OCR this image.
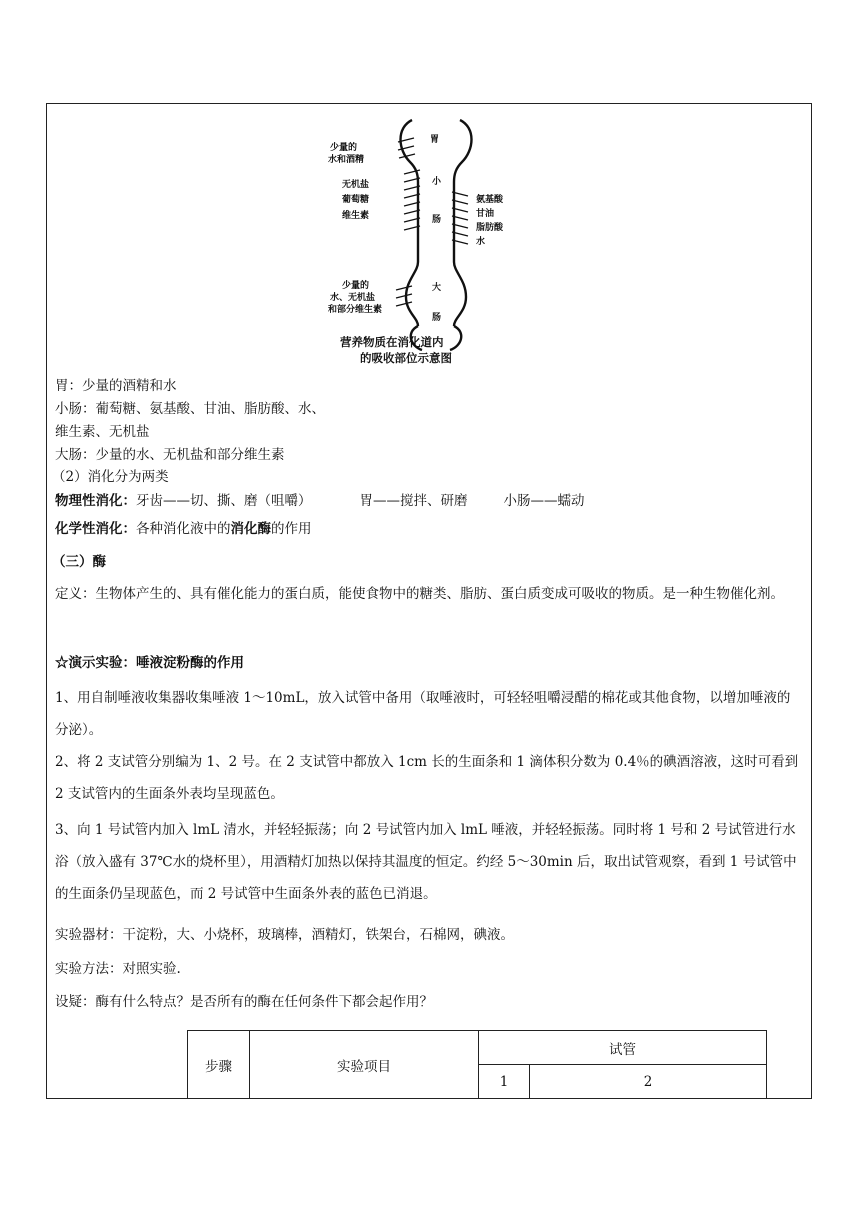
胃
少量的
水和酒精
无机盐
葡萄糖
维生素
小
肠
氨基酸
甘油
脂肪酸
水
大
肠
少量的
水、无机盐
和部分维生素
营养物质在消化道内
的吸收部位示意图
胃：少量的酒精和水
小肠：葡萄糖、氨基酸、甘油、脂肪酸、水、
维生素、无机盐
大肠：少量的水、无机盐和部分维生素
（2）消化分为两类
物理性消化：牙齿——切、撕、磨（咀嚼）	胃——搅拌、研磨	小肠——蠕动
化学性消化：各种消化液中的消化酶的作用
（三）酶
定义：生物体产生的、具有催化能力的蛋白质，能使食物中的糖类、脂肪、蛋白质变成可吸收的物质。是一种生物催化剂。
☆演示实验：唾液淀粉酶的作用
1、用自制唾液收集器收集唾液 1～10mL，放入试管中备用（取唾液时，可轻轻咀嚼浸醋的棉花或其他食物，以增加唾液的分泌）。
2、将 2 支试管分别编为 1、2 号。在 2 支试管中都放入 1cm 长的生面条和 1 滴体积分数为 0.4％的碘酒溶液，这时可看到 2 支试管内的生面条外表均呈现蓝色。
3、向 1 号试管内加入 lmL 清水，并轻轻振荡；向 2 号试管内加入 lmL 唾液，并轻轻振荡。同时将 1 号和 2 号试管进行水浴（放入盛有 37℃水的烧杯里），用酒精灯加热以保持其温度的恒定。约经 5～30min 后，取出试管观察，看到 1 号试管中的生面条仍呈现蓝色，而 2 号试管中生面条外表的蓝色已消退。
实验器材：干淀粉，大、小烧杯，玻璃棒，酒精灯，铁架台，石棉网，碘液。
实验方法：对照实验.
设疑：酶有什么特点？是否所有的酶在任何条件下都会起作用？
步骤	实验项目	试管	
		1	2
